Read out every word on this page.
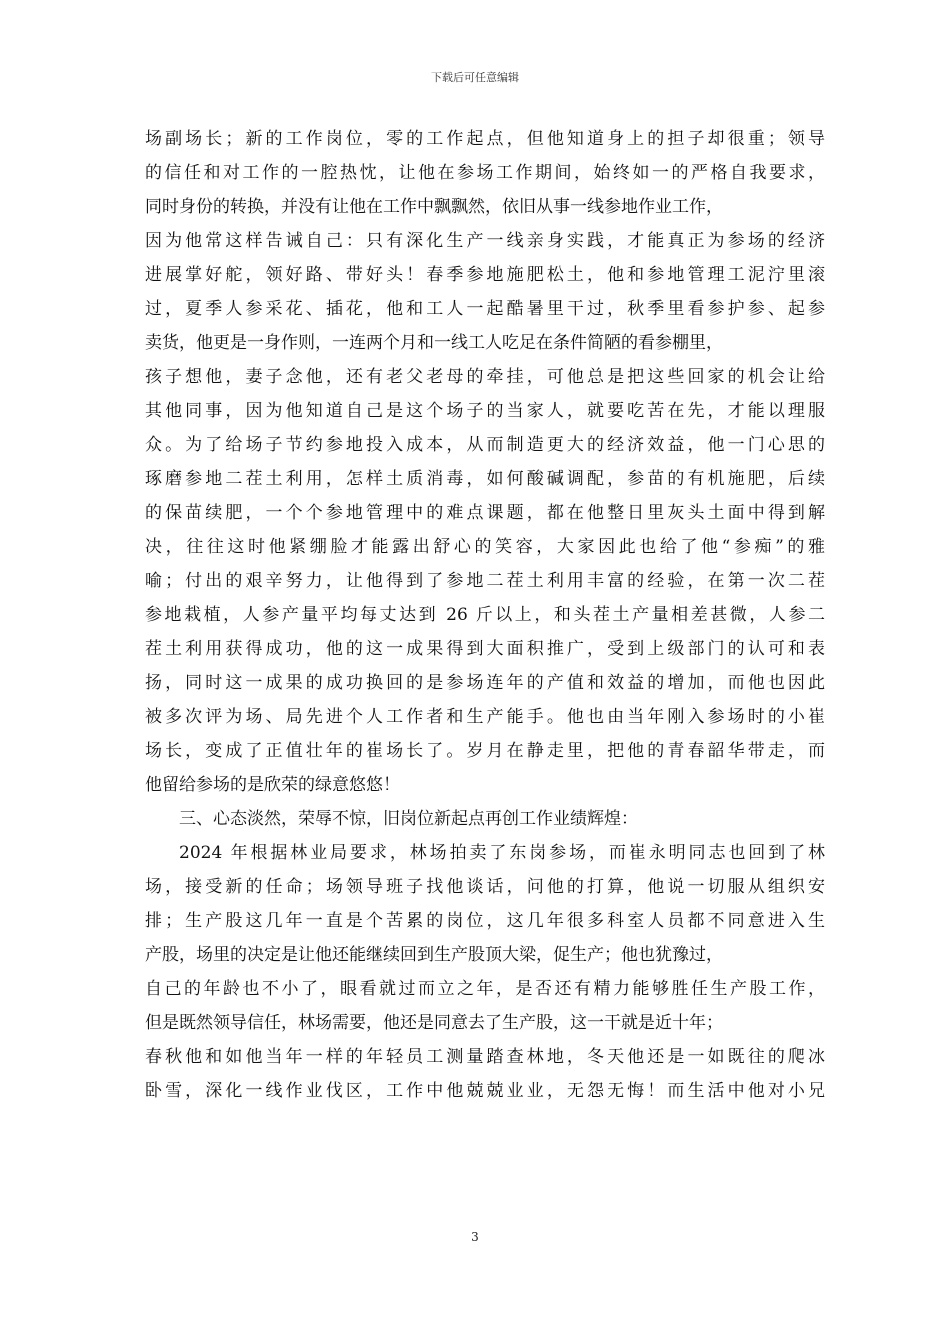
下载后可任意编辑
场副场长；新的工作岗位，零的工作起点，但他知道身上的担子却很重；领导
的信任和对工作的一腔热忱，让他在参场工作期间，始终如一的严格自我要求，
同时身份的转换，并没有让他在工作中飘飘然，依旧从事一线参地作业工作，
因为他常这样告诫自己：只有深化生产一线亲身实践，才能真正为参场的经济
进展掌好舵，领好路、带好头！春季参地施肥松土，他和参地管理工泥泞里滚
过，夏季人参采花、插花，他和工人一起酷暑里干过，秋季里看参护参、起参
卖货，他更是一身作则，一连两个月和一线工人吃足在条件简陋的看参棚里，
孩子想他，妻子念他，还有老父老母的牵挂，可他总是把这些回家的机会让给
其他同事，因为他知道自己是这个场子的当家人，就要吃苦在先，才能以理服
众。为了给场子节约参地投入成本，从而制造更大的经济效益，他一门心思的
琢磨参地二茬土利用，怎样土质消毒，如何酸碱调配，参苗的有机施肥，后续
的保苗续肥，一个个参地管理中的难点课题，都在他整日里灰头土面中得到解
决，往往这时他紧绷脸才能露出舒心的笑容，大家因此也给了他“参痴”的雅
喻；付出的艰辛努力，让他得到了参地二茬土利用丰富的经验，在第一次二茬
参地栽植，人参产量平均每丈达到 26 斤以上，和头茬土产量相差甚微，人参二
茬土利用获得成功，他的这一成果得到大面积推广，受到上级部门的认可和表
扬，同时这一成果的成功换回的是参场连年的产值和效益的增加，而他也因此
被多次评为场、局先进个人工作者和生产能手。他也由当年刚入参场时的小崔
场长，变成了正值壮年的崔场长了。岁月在静走里，把他的青春韶华带走，而
他留给参场的是欣荣的绿意悠悠！
三、心态淡然，荣辱不惊，旧岗位新起点再创工作业绩辉煌：
2024 年根据林业局要求，林场拍卖了东岗参场，而崔永明同志也回到了林
场，接受新的任命；场领导班子找他谈话，问他的打算，他说一切服从组织安
排；生产股这几年一直是个苦累的岗位，这几年很多科室人员都不同意进入生
产股，场里的决定是让他还能继续回到生产股顶大梁，促生产；他也犹豫过，
自己的年龄也不小了，眼看就过而立之年，是否还有精力能够胜任生产股工作，
但是既然领导信任，林场需要，他还是同意去了生产股，这一干就是近十年；
春秋他和如他当年一样的年轻员工测量踏查林地，冬天他还是一如既往的爬冰
卧雪，深化一线作业伐区，工作中他兢兢业业，无怨无悔！而生活中他对小兄
3
